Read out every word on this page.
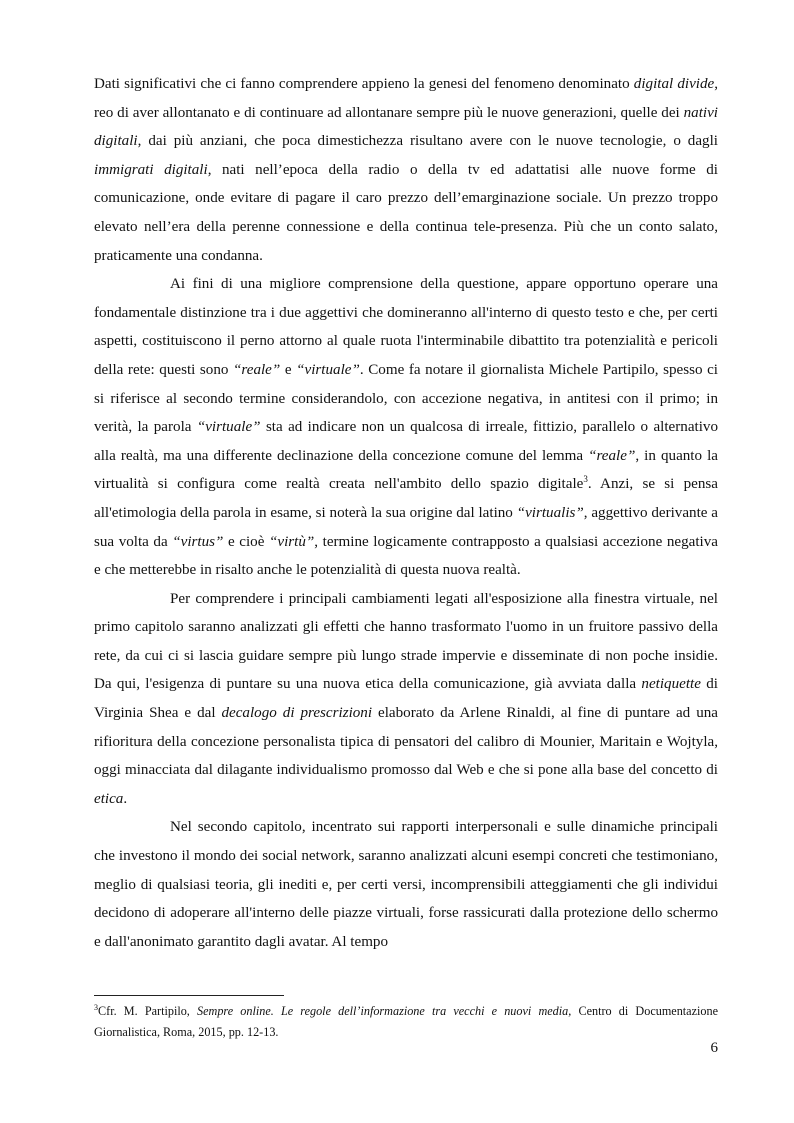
Dati significativi che ci fanno comprendere appieno la genesi del fenomeno denominato digital divide, reo di aver allontanato e di continuare ad allontanare sempre più le nuove generazioni, quelle dei nativi digitali, dai più anziani, che poca dimestichezza risultano avere con le nuove tecnologie, o dagli immigrati digitali, nati nell’epoca della radio o della tv ed adattatisi alle nuove forme di comunicazione, onde evitare di pagare il caro prezzo dell’emarginazione sociale. Un prezzo troppo elevato nell’era della perenne connessione e della continua tele-presenza. Più che un conto salato, praticamente una condanna.

Ai fini di una migliore comprensione della questione, appare opportuno operare una fondamentale distinzione tra i due aggettivi che domineranno all'interno di questo testo e che, per certi aspetti, costituiscono il perno attorno al quale ruota l'interminabile dibattito tra potenzialità e pericoli della rete: questi sono “reale” e “virtuale”. Come fa notare il giornalista Michele Partipilo, spesso ci si riferisce al secondo termine considerandolo, con accezione negativa, in antitesi con il primo; in verità, la parola “virtuale” sta ad indicare non un qualcosa di irreale, fittizio, parallelo o alternativo alla realtà, ma una differente declinazione della concezione comune del lemma “reale”, in quanto la virtualità si configura come realtà creata nell'ambito dello spazio digitale$^3$. Anzi, se si pensa all'etimologia della parola in esame, si noterà la sua origine dal latino “virtualis”, aggettivo derivante a sua volta da “virtus” e cioè “virtù”, termine logicamente contrapposto a qualsiasi accezione negativa e che metterebbe in risalto anche le potenzialità di questa nuova realtà.

Per comprendere i principali cambiamenti legati all'esposizione alla finestra virtuale, nel primo capitolo saranno analizzati gli effetti che hanno trasformato l'uomo in un fruitore passivo della rete, da cui ci si lascia guidare sempre più lungo strade impervie e disseminate di non poche insidie. Da qui, l'esigenza di puntare su una nuova etica della comunicazione, già avviata dalla netiquette di Virginia Shea e dal decalogo di prescrizioni elaborato da Arlene Rinaldi, al fine di puntare ad una rifioritura della concezione personalista tipica di pensatori del calibro di Mounier, Maritain e Wojtyla, oggi minacciata dal dilagante individualismo promosso dal Web e che si pone alla base del concetto di etica.

Nel secondo capitolo, incentrato sui rapporti interpersonali e sulle dinamiche principali che investono il mondo dei social network, saranno analizzati alcuni esempi concreti che testimoniano, meglio di qualsiasi teoria, gli inediti e, per certi versi, incomprensibili atteggiamenti che gli individui decidono di adoperare all'interno delle piazze virtuali, forse rassicurati dalla protezione dello schermo e dall'anonimato garantito dagli avatar. Al tempo

$^3$Cfr. M. Partipilo, Sempre online. Le regole dell’informazione tra vecchi e nuovi media, Centro di Documentazione Giornalistica, Roma, 2015, pp. 12-13.
6
